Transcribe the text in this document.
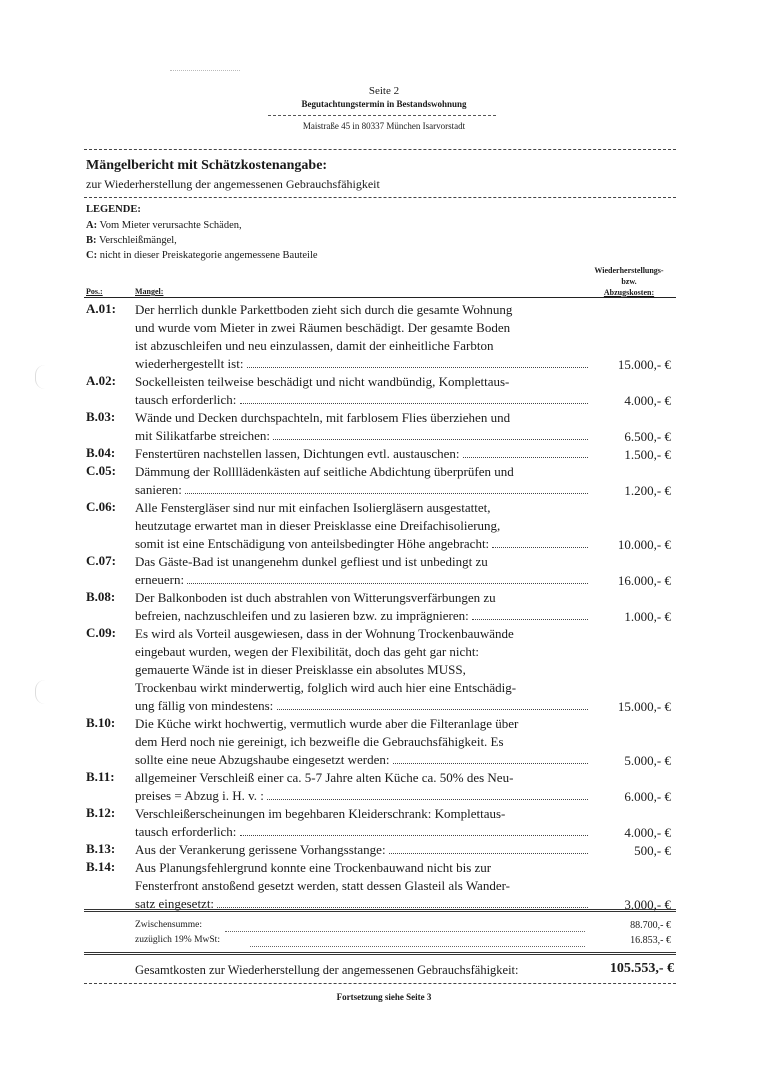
Seite 2
Begutachtungstermin in Bestandswohnung
Maistraße 45 in 80337 München Isarvorstadt
Mängelbericht mit Schätzkostenangabe:
zur Wiederherstellung der angemessenen Gebrauchsfähigkeit
LEGENDE:
A: Vom Mieter verursachte Schäden,
B: Verschleißmängel,
C: nicht in dieser Preiskategorie angemessene Bauteile
Wiederherstellungs-
bzw.
Abzugskosten:
Pos.:	Mangel:
A.01: Der herrlich dunkle Parkettboden zieht sich durch die gesamte Wohnung
und wurde vom Mieter in zwei Räumen beschädigt. Der gesamte Boden
ist abzuschleifen und neu einzulassen, damit der einheitliche Farbton
wiederhergestellt ist:	15.000,- €
A.02: Sockelleisten teilweise beschädigt und nicht wandbündig, Komplettaus-
tausch erforderlich:	4.000,- €
B.03: Wände und Decken durchspachteln, mit farblosem Flies überziehen und
mit Silikatfarbe streichen:	6.500,- €
B.04: Fenstertüren nachstellen lassen, Dichtungen evtl. austauschen:	1.500,- €
C.05: Dämmung der Rollllädenkästen auf seitliche Abdichtung überprüfen und
sanieren:	1.200,- €
C.06: Alle Fenstergläser sind nur mit einfachen Isoliergläsern ausgestattet,
heutzutage erwartet man in dieser Preisklasse eine Dreifachisolierung,
somit ist eine Entschädigung von anteilsbedingter Höhe angebracht:	10.000,- €
C.07: Das Gäste-Bad ist unangenehm dunkel gefliest und ist unbedingt zu
erneuern:	16.000,- €
B.08: Der Balkonboden ist duch abstrahlen von Witterungsverfärbungen zu
befreien, nachzuschleifen und zu lasieren bzw. zu imprägnieren:	1.000,- €
C.09: Es wird als Vorteil ausgewiesen, dass in der Wohnung Trockenbauwände
eingebaut wurden, wegen der Flexibilität, doch das geht gar nicht:
gemauerte Wände ist in dieser Preisklasse ein absolutes MUSS,
Trockenbau wirkt minderwertig, folglich wird auch hier eine Entschädig-
ung fällig von mindestens:	15.000,- €
B.10: Die Küche wirkt hochwertig, vermutlich wurde aber die Filteranlage über
dem Herd noch nie gereinigt, ich bezweifle die Gebrauchsfähigkeit. Es
sollte eine neue Abzugshaube eingesetzt werden:	5.000,- €
B.11: allgemeiner Verschleiß einer ca. 5-7 Jahre alten Küche ca. 50% des Neu-
preises = Abzug i. H. v. :	6.000,- €
B.12: Verschleißerscheinungen im begehbaren Kleiderschrank: Komplettaus-
tausch erforderlich:	4.000,- €
B.13: Aus der Verankerung gerissene Vorhangsstange:	500,- €
B.14: Aus Planungsfehlergrund konnte eine Trockenbauwand nicht bis zur
Fensterfront anstoßend gesetzt werden, statt dessen Glasteil als Wander-
satz eingesetzt:	3.000,- €
Zwischensumme:	88.700,- €
zuzüglich 19% MwSt:	16.853,- €
Gesamtkosten zur Wiederherstellung der angemessenen Gebrauchsfähigkeit:	105.553,- €
Fortsetzung siehe Seite 3
